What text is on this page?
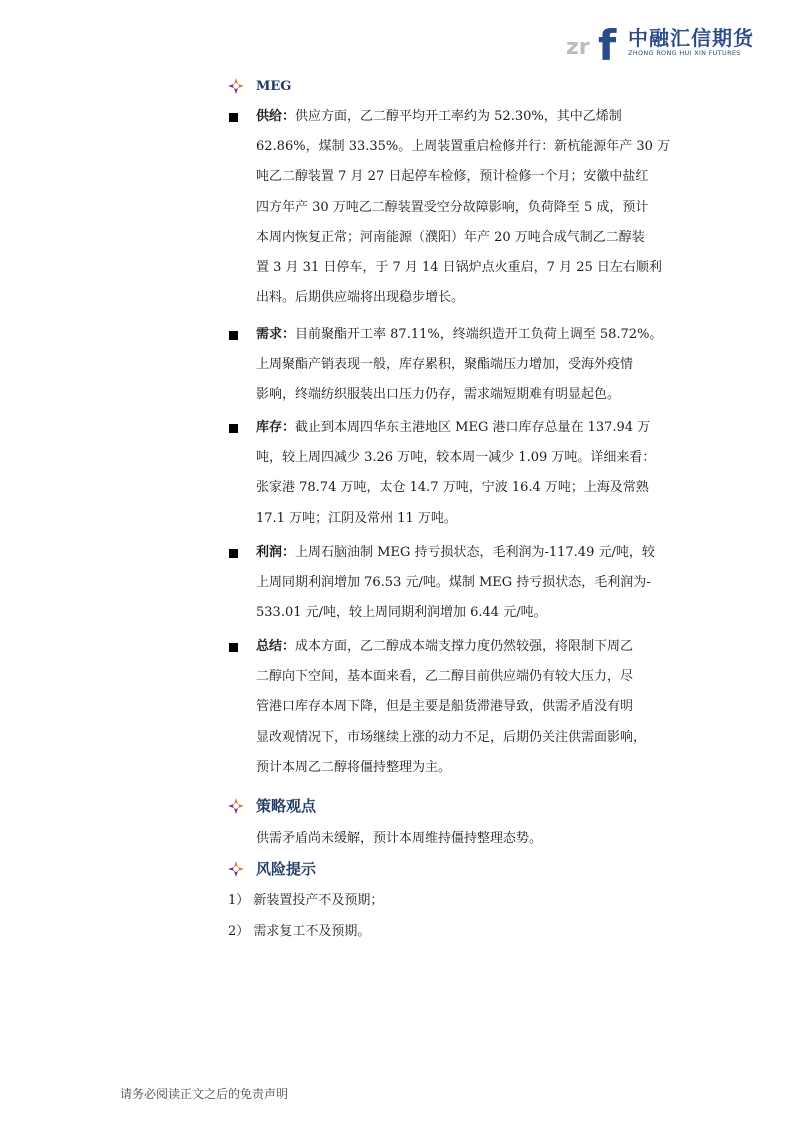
zr f 中融汇信期货
ZHONG RONG HUI XIN FUTURES
MEG
供给：供应方面，乙二醇平均开工率约为 52.30%，其中乙烯制
62.86%，煤制 33.35%。上周装置重启检修并行：新杭能源年产 30 万
吨乙二醇装置 7 月 27 日起停车检修，预计检修一个月；安徽中盐红
四方年产 30 万吨乙二醇装置受空分故障影响，负荷降至 5 成，预计
本周内恢复正常；河南能源（濮阳）年产 20 万吨合成气制乙二醇装
置 3 月 31 日停车，于 7 月 14 日锅炉点火重启，7 月 25 日左右顺利
出料。后期供应端将出现稳步增长。
需求：目前聚酯开工率 87.11%，终端织造开工负荷上调至 58.72%。
上周聚酯产销表现一般，库存累积，聚酯端压力增加，受海外疫情
影响，终端纺织服装出口压力仍存，需求端短期难有明显起色。
库存：截止到本周四华东主港地区 MEG 港口库存总量在 137.94 万
吨，较上周四减少 3.26 万吨，较本周一减少 1.09 万吨。详细来看：
张家港 78.74 万吨，太仓 14.7 万吨，宁波 16.4 万吨；上海及常熟
17.1 万吨；江阴及常州 11 万吨。
利润：上周石脑油制 MEG 持亏损状态，毛利润为-117.49 元/吨，较
上周同期利润增加 76.53 元/吨。煤制 MEG 持亏损状态，毛利润为-
533.01 元/吨，较上周同期利润增加 6.44 元/吨。
总结：成本方面，乙二醇成本端支撑力度仍然较强，将限制下周乙
二醇向下空间，基本面来看，乙二醇目前供应端仍有较大压力，尽
管港口库存本周下降，但是主要是船货滞港导致，供需矛盾没有明
显改观情况下，市场继续上涨的动力不足，后期仍关注供需面影响，
预计本周乙二醇将僵持整理为主。
策略观点
供需矛盾尚未缓解，预计本周维持僵持整理态势。
风险提示
1） 新装置投产不及预期；
2） 需求复工不及预期。
请务必阅读正文之后的免责声明
